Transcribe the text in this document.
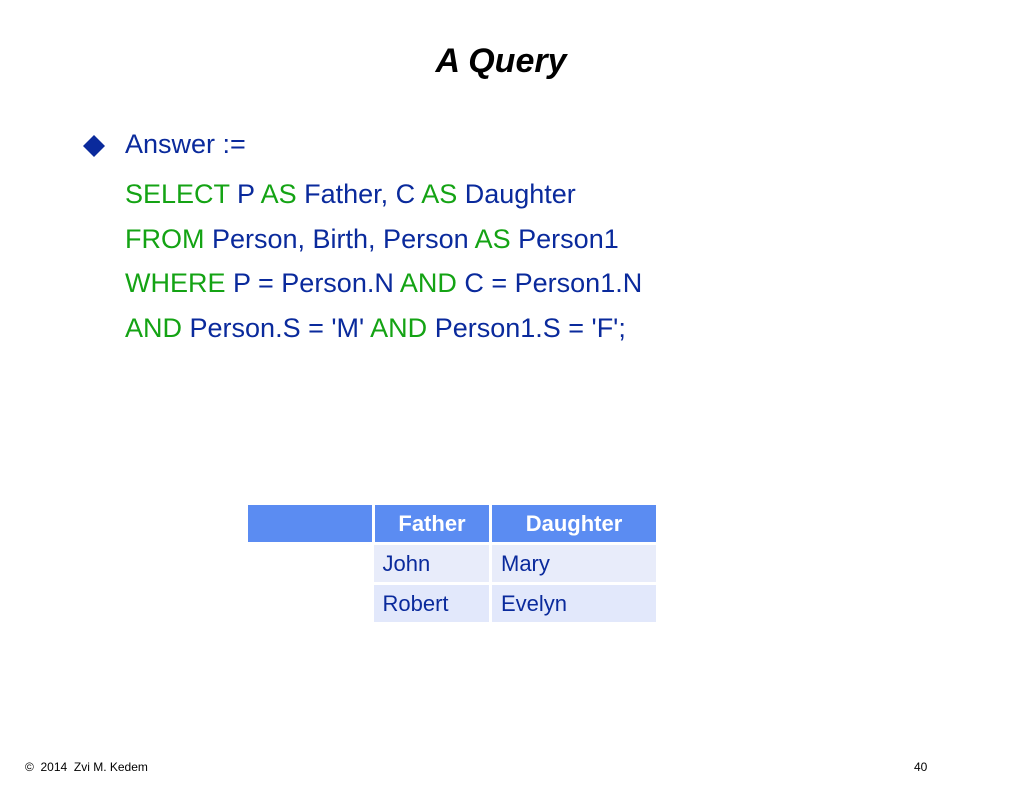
A Query
Answer :=
SELECT P AS Father, C AS Daughter
FROM Person, Birth, Person AS Person1
WHERE P = Person.N AND C = Person1.N
AND Person.S = 'M' AND Person1.S = 'F';
	Father	Daughter

	John	Mary

	Robert	Evelyn
©  2014  Zvi M. Kedem	40
